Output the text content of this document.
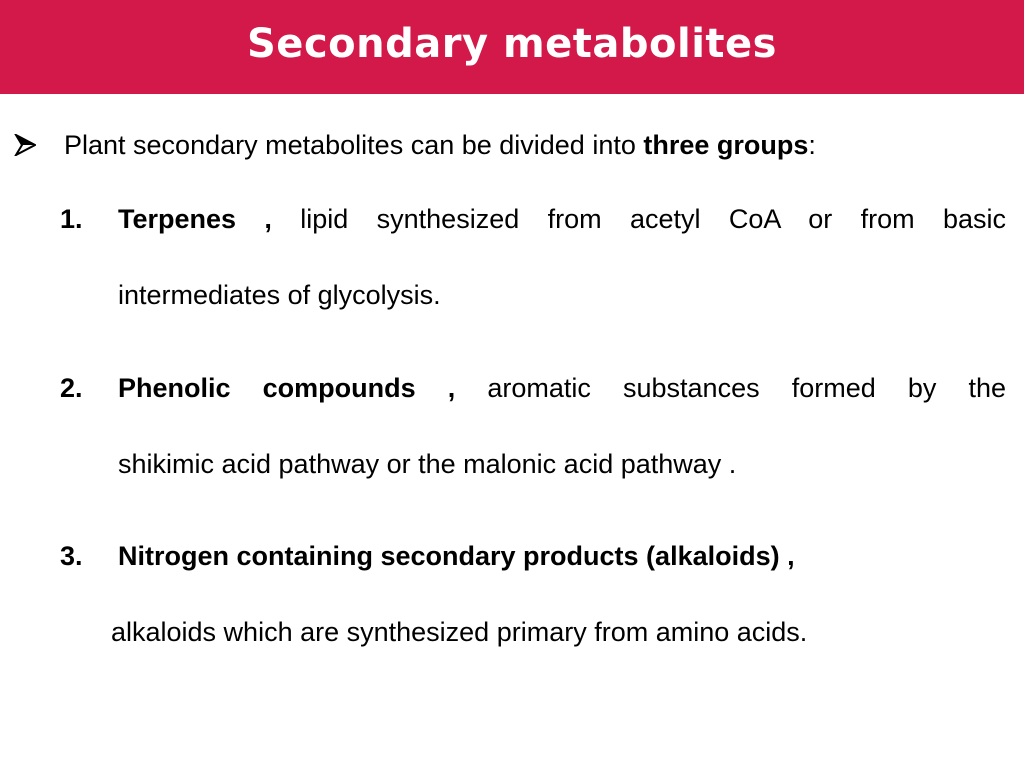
Secondary metabolites
Plant secondary metabolites can be divided into three groups:
1. Terpenes , lipid synthesized from acetyl CoA or from basic
intermediates of glycolysis.
2. Phenolic compounds , aromatic substances formed by the
shikimic acid pathway or the malonic acid pathway .
3. Nitrogen containing secondary products (alkaloids) ,
alkaloids which are synthesized primary from amino acids.
